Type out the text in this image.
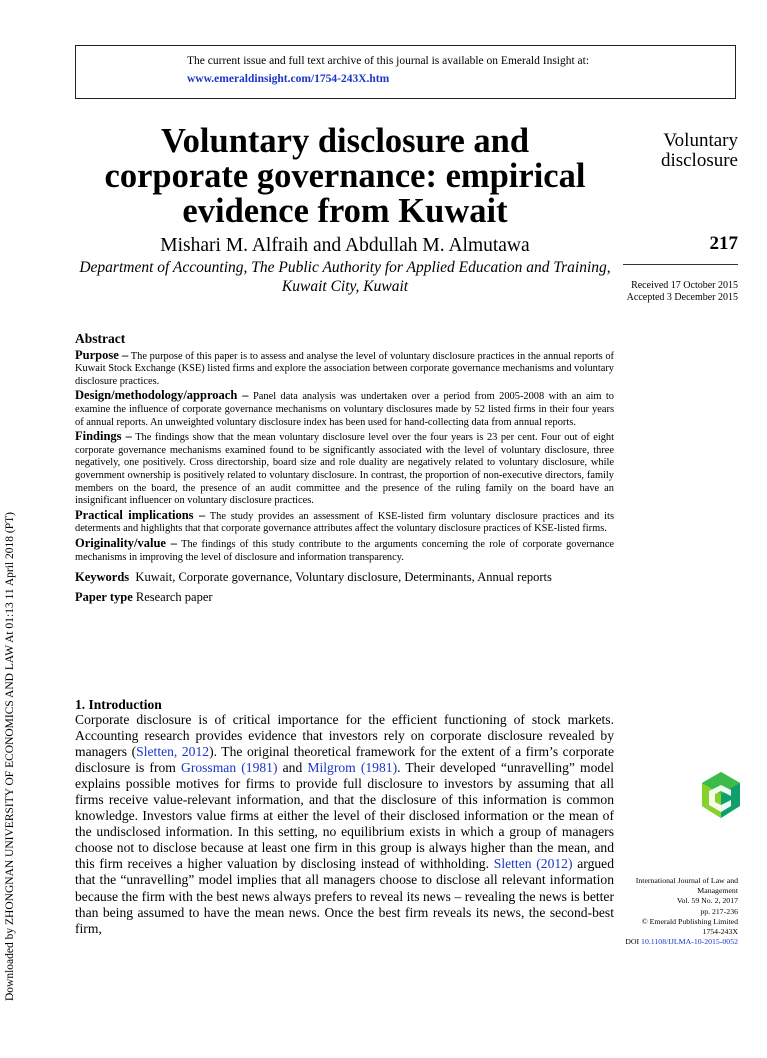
The current issue and full text archive of this journal is available on Emerald Insight at:
www.emeraldinsight.com/1754-243X.htm
Downloaded by ZHONGNAN UNIVERSITY OF ECONOMICS AND LAW At 01:13 11 April 2018 (PT)
Voluntary disclosure and
corporate governance: empirical
evidence from Kuwait
Mishari M. Alfraih and Abdullah M. Almutawa
Department of Accounting, The Public Authority for Applied Education and Training,
Kuwait City, Kuwait
Voluntary
disclosure
217
Received 17 October 2015
Accepted 3 December 2015
Abstract

Purpose – The purpose of this paper is to assess and analyse the level of voluntary disclosure practices in the annual reports of Kuwait Stock Exchange (KSE) listed firms and explore the association between corporate governance mechanisms and voluntary disclosure practices.

Design/methodology/approach – Panel data analysis was undertaken over a period from 2005-2008 with an aim to examine the influence of corporate governance mechanisms on voluntary disclosures made by 52 listed firms in their four years of annual reports. An unweighted voluntary disclosure index has been used for hand-collecting data from annual reports.

Findings – The findings show that the mean voluntary disclosure level over the four years is 23 per cent. Four out of eight corporate governance mechanisms examined found to be significantly associated with the level of voluntary disclosure, three negatively, one positively. Cross directorship, board size and role duality are negatively related to voluntary disclosure, while government ownership is positively related to voluntary disclosure. In contrast, the proportion of non-executive directors, family members on the board, the presence of an audit committee and the presence of the ruling family on the board have an insignificant influencer on voluntary disclosure practices.

Practical implications – The study provides an assessment of KSE-listed firm voluntary disclosure practices and its determents and highlights that that corporate governance attributes affect the voluntary disclosure practices of KSE-listed firms.

Originality/value – The findings of this study contribute to the arguments concerning the role of corporate governance mechanisms in improving the level of disclosure and information transparency.

Keywords Kuwait, Corporate governance, Voluntary disclosure, Determinants, Annual reports

Paper type Research paper

1. Introduction
Corporate disclosure is of critical importance for the efficient functioning of stock markets. Accounting research provides evidence that investors rely on corporate disclosure revealed by managers (Sletten, 2012). The original theoretical framework for the extent of a firm’s corporate disclosure is from Grossman (1981) and Milgrom (1981). Their developed “unravelling” model explains possible motives for firms to provide full disclosure to investors by assuming that all firms receive value-relevant information, and that the disclosure of this information is common knowledge. Investors value firms at either the level of their disclosed information or the mean of the undisclosed information. In this setting, no equilibrium exists in which a group of managers choose not to disclose because at least one firm in this group is always higher than the mean, and this firm receives a higher valuation by disclosing instead of withholding. Sletten (2012) argued that the “unravelling” model implies that all managers choose to disclose all relevant information because the firm with the best news always prefers to reveal its news – revealing the news is better than being assumed to have the mean news. Once the best firm reveals its news, the second-best firm,
International Journal of Law and
Management
Vol. 59 No. 2, 2017
pp. 217-236
© Emerald Publishing Limited
1754-243X
DOI 10.1108/IJLMA-10-2015-0052
